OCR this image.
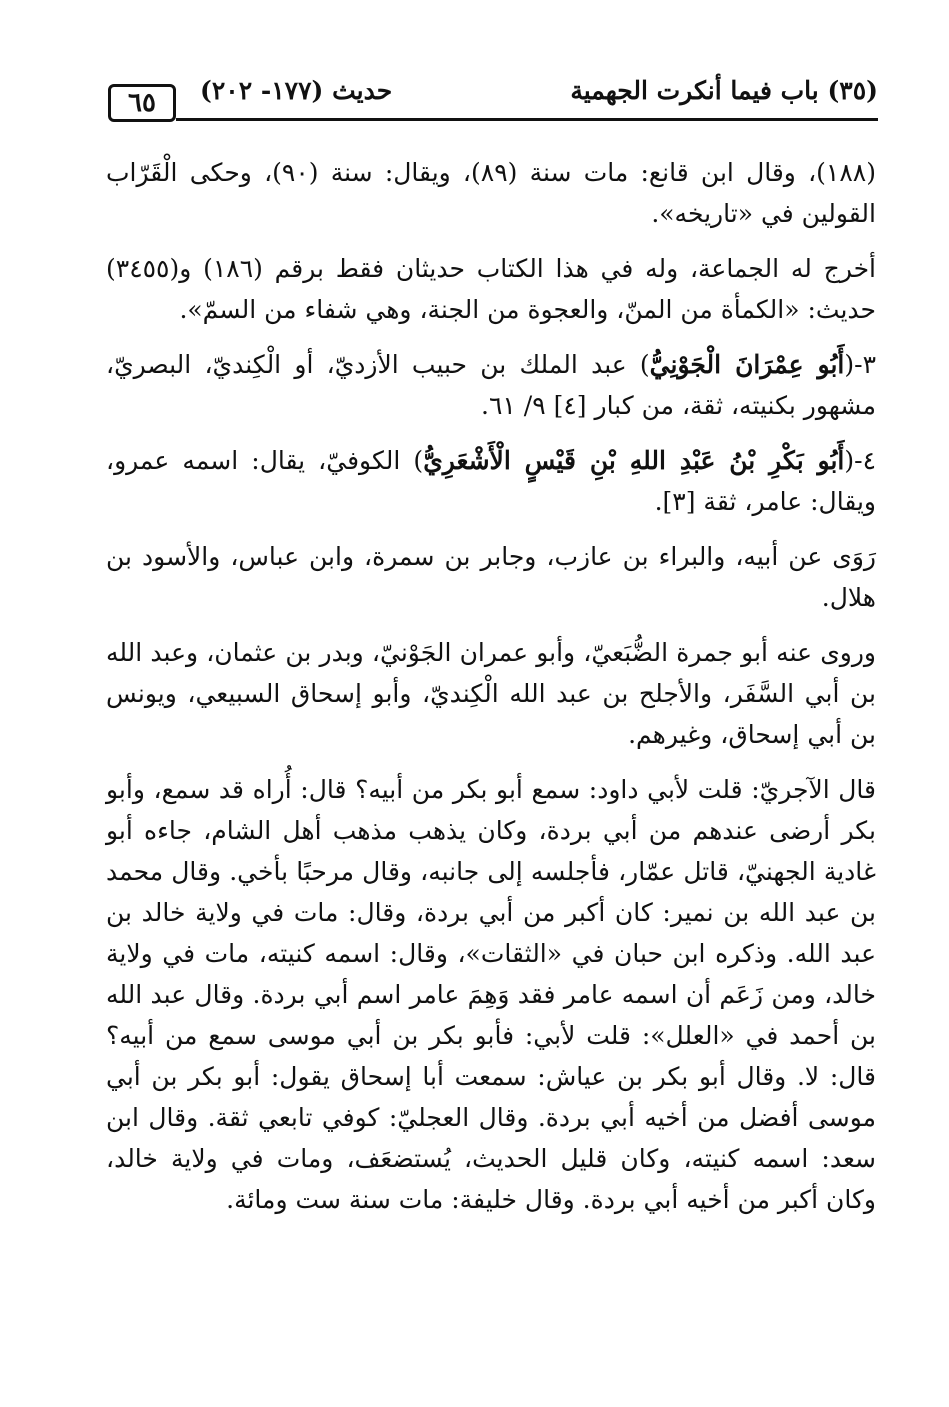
٦٥	حديث (١٧٧- ٢٠٢)	(٣٥) باب فيما أنكرت الجهمية

(١٨٨)، وقال ابن قانع: مات سنة (٨٩)، ويقال: سنة (٩٠)، وحكى الْقَرّاب القولين في «تاريخه».

أخرج له الجماعة، وله في هذا الكتاب حديثان فقط برقم (١٨٦) و(٣٤٥٥) حديث: «الكمأة من المنّ، والعجوة من الجنة، وهي شفاء من السمّ».

٣-(أَبُو عِمْرَانَ الْجَوْنِيُّ) عبد الملك بن حبيب الأزديّ، أو الْكِنديّ، البصريّ، مشهور بكنيته، ثقة، من كبار [٤] ٩/ ٦١.

٤-(أَبُو بَكْرِ بْنُ عَبْدِ اللهِ بْنِ قَيْسٍ الْأَشْعَرِيُّ) الكوفيّ، يقال: اسمه عمرو، ويقال: عامر، ثقة [٣].

رَوَى عن أبيه، والبراء بن عازب، وجابر بن سمرة، وابن عباس، والأسود بن هلال.

وروى عنه أبو جمرة الضُّبَعيّ، وأبو عمران الجَوْنيّ، وبدر بن عثمان، وعبد الله بن أبي السَّفَر، والأجلح بن عبد الله الْكِنديّ، وأبو إسحاق السبيعي، ويونس بن أبي إسحاق، وغيرهم.

قال الآجريّ: قلت لأبي داود: سمع أبو بكر من أبيه؟ قال: أُراه قد سمع، وأبو بكر أرضى عندهم من أبي بردة، وكان يذهب مذهب أهل الشام، جاءه أبو غادية الجهنيّ، قاتل عمّار، فأجلسه إلى جانبه، وقال مرحبًا بأخي. وقال محمد بن عبد الله بن نمير: كان أكبر من أبي بردة، وقال: مات في ولاية خالد بن عبد الله. وذكره ابن حبان في «الثقات»، وقال: اسمه كنيته، مات في ولاية خالد، ومن زَعَم أن اسمه عامر فقد وَهِمَ عامر اسم أبي بردة. وقال عبد الله بن أحمد في «العلل»: قلت لأبي: فأبو بكر بن أبي موسى سمع من أبيه؟ قال: لا. وقال أبو بكر بن عياش: سمعت أبا إسحاق يقول: أبو بكر بن أبي موسى أفضل من أخيه أبي بردة. وقال العجليّ: كوفي تابعي ثقة. وقال ابن سعد: اسمه كنيته، وكان قليل الحديث، يُستضعَف، ومات في ولاية خالد، وكان أكبر من أخيه أبي بردة. وقال خليفة: مات سنة ست ومائة.
